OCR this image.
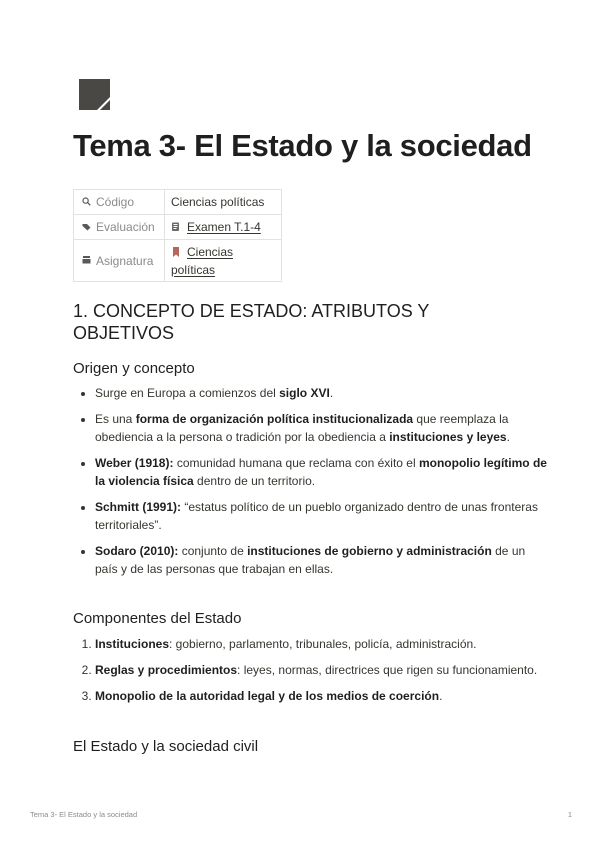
Tema 3- El Estado y la sociedad
Código	Ciencias políticas

Evaluación	Examen T.1-4

Asignatura	Ciencias políticas
1. CONCEPTO DE ESTADO: ATRIBUTOS Y OBJETIVOS
Origen y concepto
• Surge en Europa a comienzos del siglo XVI.
• Es una forma de organización política institucionalizada que reemplaza la obediencia a la persona o tradición por la obediencia a instituciones y leyes.
• Weber (1918): comunidad humana que reclama con éxito el monopolio legítimo de la violencia física dentro de un territorio.
• Schmitt (1991): “estatus político de un pueblo organizado dentro de unas fronteras territoriales”.
• Sodaro (2010): conjunto de instituciones de gobierno y administración de un país y de las personas que trabajan en ellas.
Componentes del Estado
1. Instituciones: gobierno, parlamento, tribunales, policía, administración.
2. Reglas y procedimientos: leyes, normas, directrices que rigen su funcionamiento.
3. Monopolio de la autoridad legal y de los medios de coerción.
El Estado y la sociedad civil
Tema 3- El Estado y la sociedad	1
